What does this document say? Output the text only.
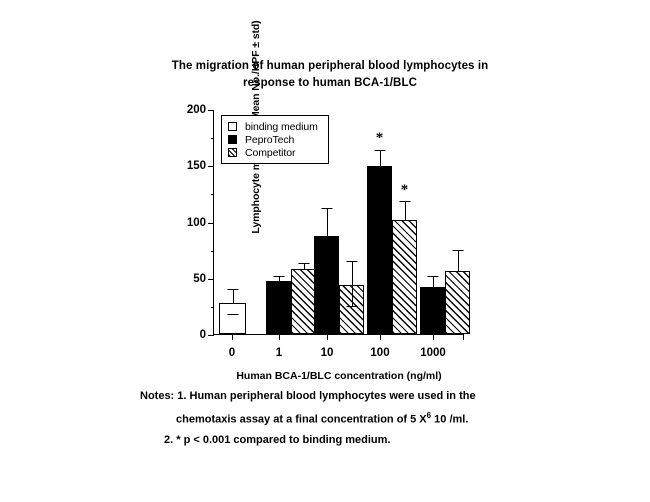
The migration of human peripheral blood lymphocytes in
response to human BCA-1/BLC
0
50
100
150
200
0	1	10	100	1000
Human BCA-1/BLC concentration (ng/ml)
*
*
binding medium
PeproTech
Competitor
Notes: 1. Human peripheral blood lymphocytes were used in the
chemotaxis assay at a final concentration of 5 $X^6$ 10 /ml.
2. * p < 0.001 compared to binding medium.
